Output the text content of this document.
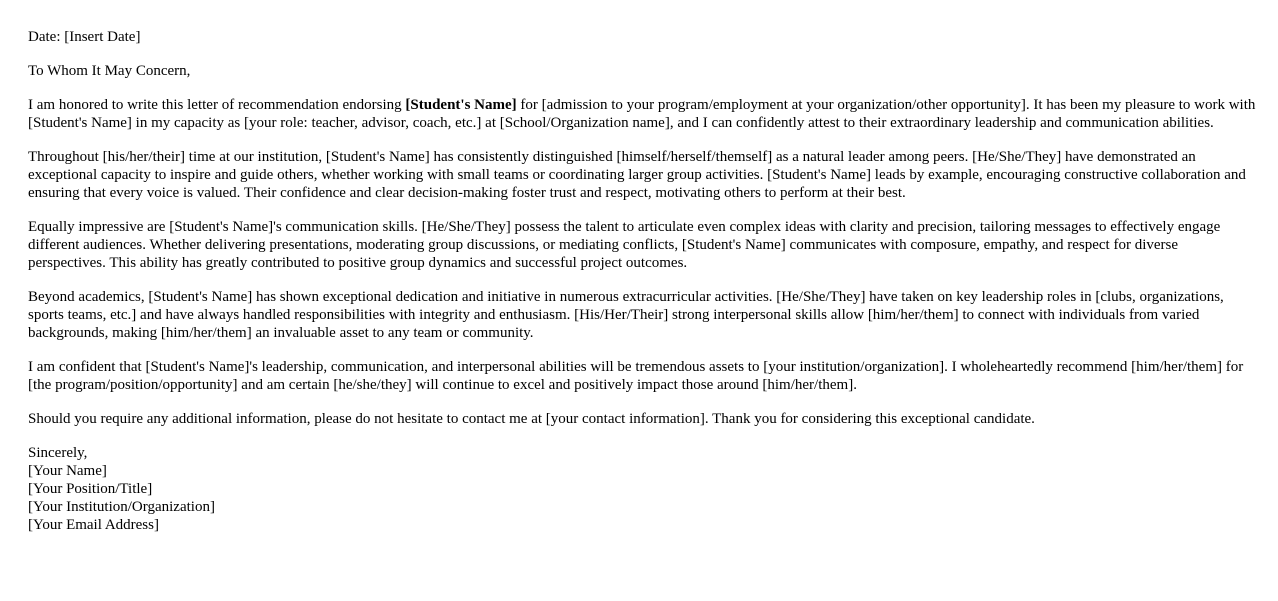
Date: [Insert Date]
To Whom It May Concern,
I am honored to write this letter of recommendation endorsing [Student's Name] for [admission to your program/employment at your organization/other opportunity]. It has been my pleasure to work with [Student's Name] in my capacity as [your role: teacher, advisor, coach, etc.] at [School/Organization name], and I can confidently attest to their extraordinary leadership and communication abilities.
Throughout [his/her/their] time at our institution, [Student's Name] has consistently distinguished [himself/herself/themself] as a natural leader among peers. [He/She/They] have demonstrated an exceptional capacity to inspire and guide others, whether working with small teams or coordinating larger group activities. [Student's Name] leads by example, encouraging constructive collaboration and ensuring that every voice is valued. Their confidence and clear decision-making foster trust and respect, motivating others to perform at their best.
Equally impressive are [Student's Name]'s communication skills. [He/She/They] possess the talent to articulate even complex ideas with clarity and precision, tailoring messages to effectively engage different audiences. Whether delivering presentations, moderating group discussions, or mediating conflicts, [Student's Name] communicates with composure, empathy, and respect for diverse perspectives. This ability has greatly contributed to positive group dynamics and successful project outcomes.
Beyond academics, [Student's Name] has shown exceptional dedication and initiative in numerous extracurricular activities. [He/She/They] have taken on key leadership roles in [clubs, organizations, sports teams, etc.] and have always handled responsibilities with integrity and enthusiasm. [His/Her/Their] strong interpersonal skills allow [him/her/them] to connect with individuals from varied backgrounds, making [him/her/them] an invaluable asset to any team or community.
I am confident that [Student's Name]'s leadership, communication, and interpersonal abilities will be tremendous assets to [your institution/organization]. I wholeheartedly recommend [him/her/them] for [the program/position/opportunity] and am certain [he/she/they] will continue to excel and positively impact those around [him/her/them].
Should you require any additional information, please do not hesitate to contact me at [your contact information]. Thank you for considering this exceptional candidate.
Sincerely,
[Your Name]
[Your Position/Title]
[Your Institution/Organization]
[Your Email Address]
